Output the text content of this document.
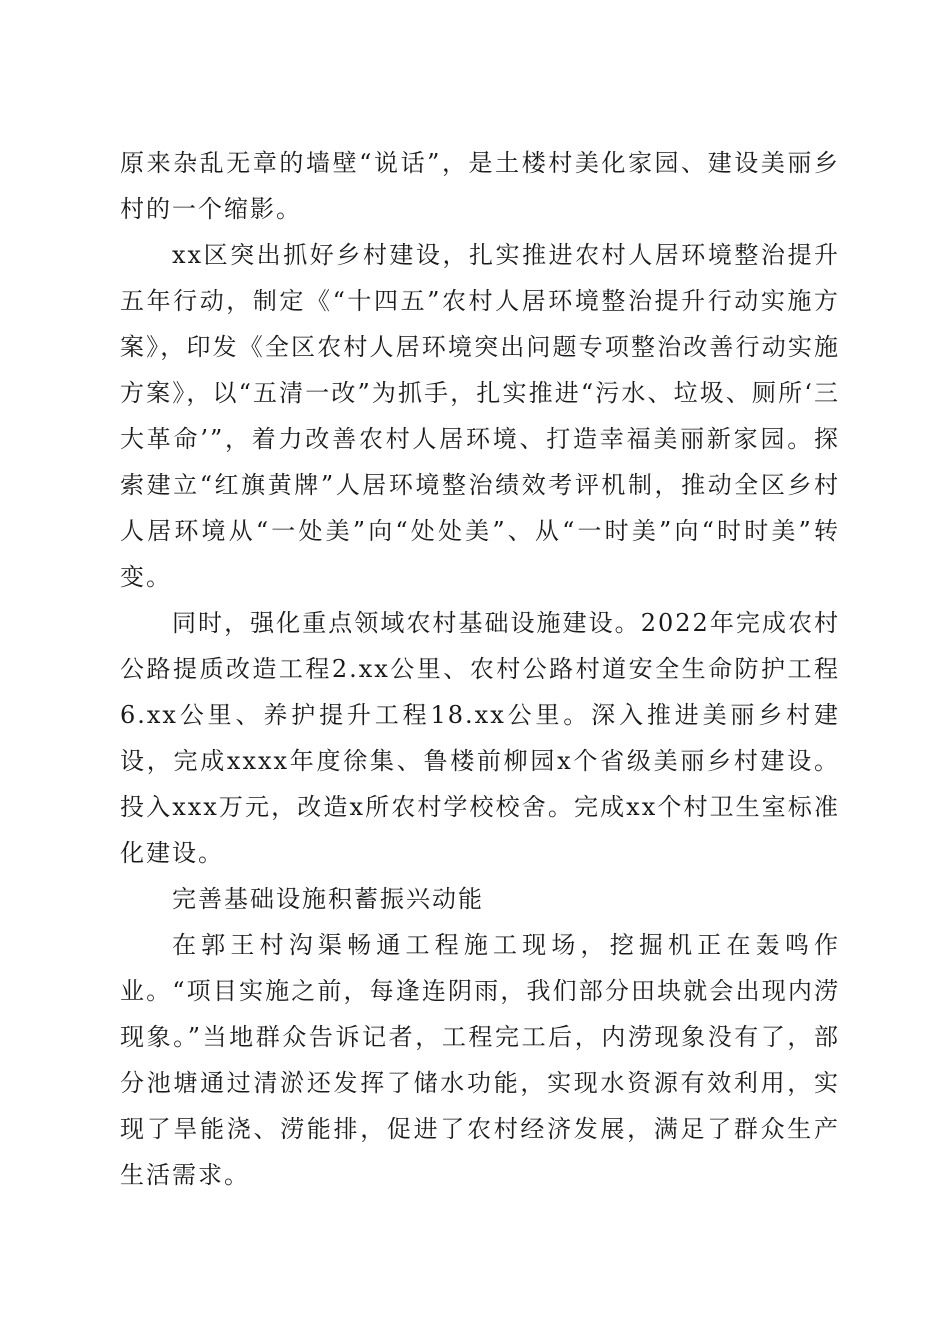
原来杂乱无章的墙壁“说话”，是土楼村美化家园、建设美丽乡村的一个缩影。

xx区突出抓好乡村建设，扎实推进农村人居环境整治提升五年行动，制定《“十四五”农村人居环境整治提升行动实施方案》，印发《全区农村人居环境突出问题专项整治改善行动实施方案》，以“五清一改”为抓手，扎实推进“污水、垃圾、厕所‘三大革命’”，着力改善农村人居环境、打造幸福美丽新家园。探索建立“红旗黄牌”人居环境整治绩效考评机制，推动全区乡村人居环境从“一处美”向“处处美”、从“一时美”向“时时美”转变。

同时，强化重点领域农村基础设施建设。2022年完成农村公路提质改造工程2.xx公里、农村公路村道安全生命防护工程6.xx公里、养护提升工程18.xx公里。深入推进美丽乡村建设，完成xxxx年度徐集、鲁楼前柳园x个省级美丽乡村建设。投入xxx万元，改造x所农村学校校舍。完成xx个村卫生室标准化建设。

完善基础设施积蓄振兴动能

在郭王村沟渠畅通工程施工现场，挖掘机正在轰鸣作业。“项目实施之前，每逢连阴雨，我们部分田块就会出现内涝现象。”当地群众告诉记者，工程完工后，内涝现象没有了，部分池塘通过清淤还发挥了储水功能，实现水资源有效利用，实现了旱能浇、涝能排，促进了农村经济发展，满足了群众生产生活需求。
